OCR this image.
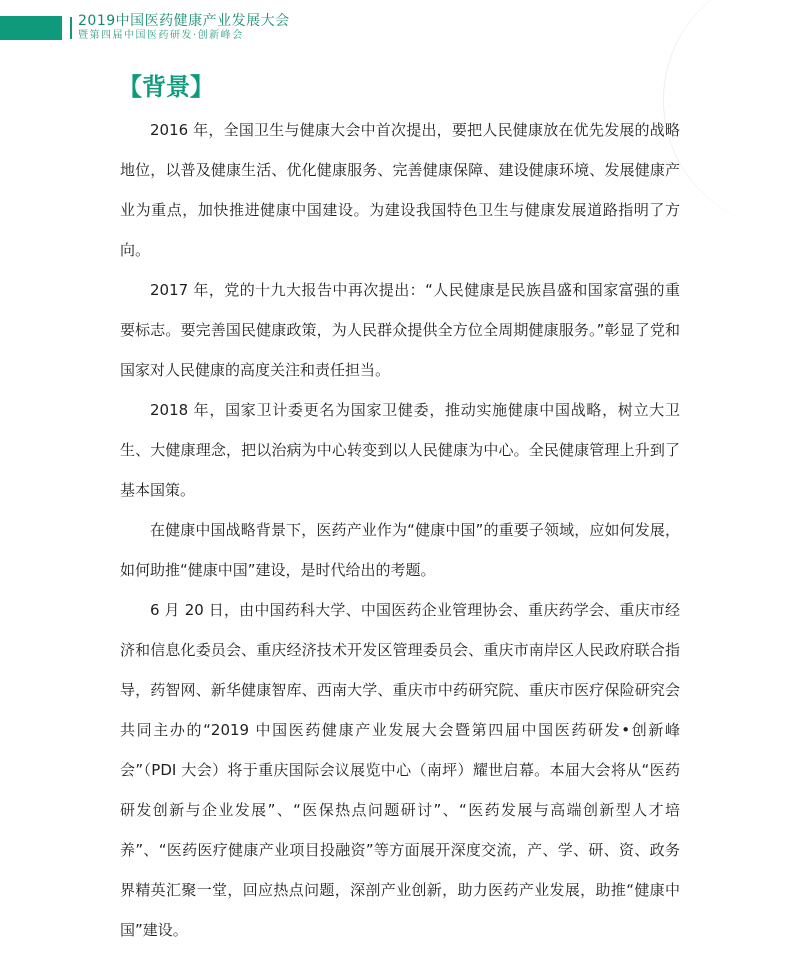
2019中国医药健康产业发展大会
暨第四届中国医药研发·创新峰会
【背景】

2016 年，全国卫生与健康大会中首次提出，要把人民健康放在优先发展的战略地位，以普及健康生活、优化健康服务、完善健康保障、建设健康环境、发展健康产业为重点，加快推进健康中国建设。为建设我国特色卫生与健康发展道路指明了方向。

2017 年，党的十九大报告中再次提出：“人民健康是民族昌盛和国家富强的重要标志。要完善国民健康政策，为人民群众提供全方位全周期健康服务。”彰显了党和国家对人民健康的高度关注和责任担当。

2018 年，国家卫计委更名为国家卫健委，推动实施健康中国战略，树立大卫生、大健康理念，把以治病为中心转变到以人民健康为中心。全民健康管理上升到了基本国策。

在健康中国战略背景下，医药产业作为“健康中国”的重要子领域，应如何发展，如何助推“健康中国”建设，是时代给出的考题。

6 月 20 日，由中国药科大学、中国医药企业管理协会、重庆药学会、重庆市经济和信息化委员会、重庆经济技术开发区管理委员会、重庆市南岸区人民政府联合指导，药智网、新华健康智库、西南大学、重庆市中药研究院、重庆市医疗保险研究会共同主办的“2019 中国医药健康产业发展大会暨第四届中国医药研发•创新峰会”（PDI 大会）将于重庆国际会议展览中心（南坪）耀世启幕。本届大会将从“医药研发创新与企业发展”、“医保热点问题研讨”、“医药发展与高端创新型人才培养”、“医药医疗健康产业项目投融资”等方面展开深度交流，产、学、研、资、政务界精英汇聚一堂，回应热点问题，深剖产业创新，助力医药产业发展，助推“健康中国”建设。
